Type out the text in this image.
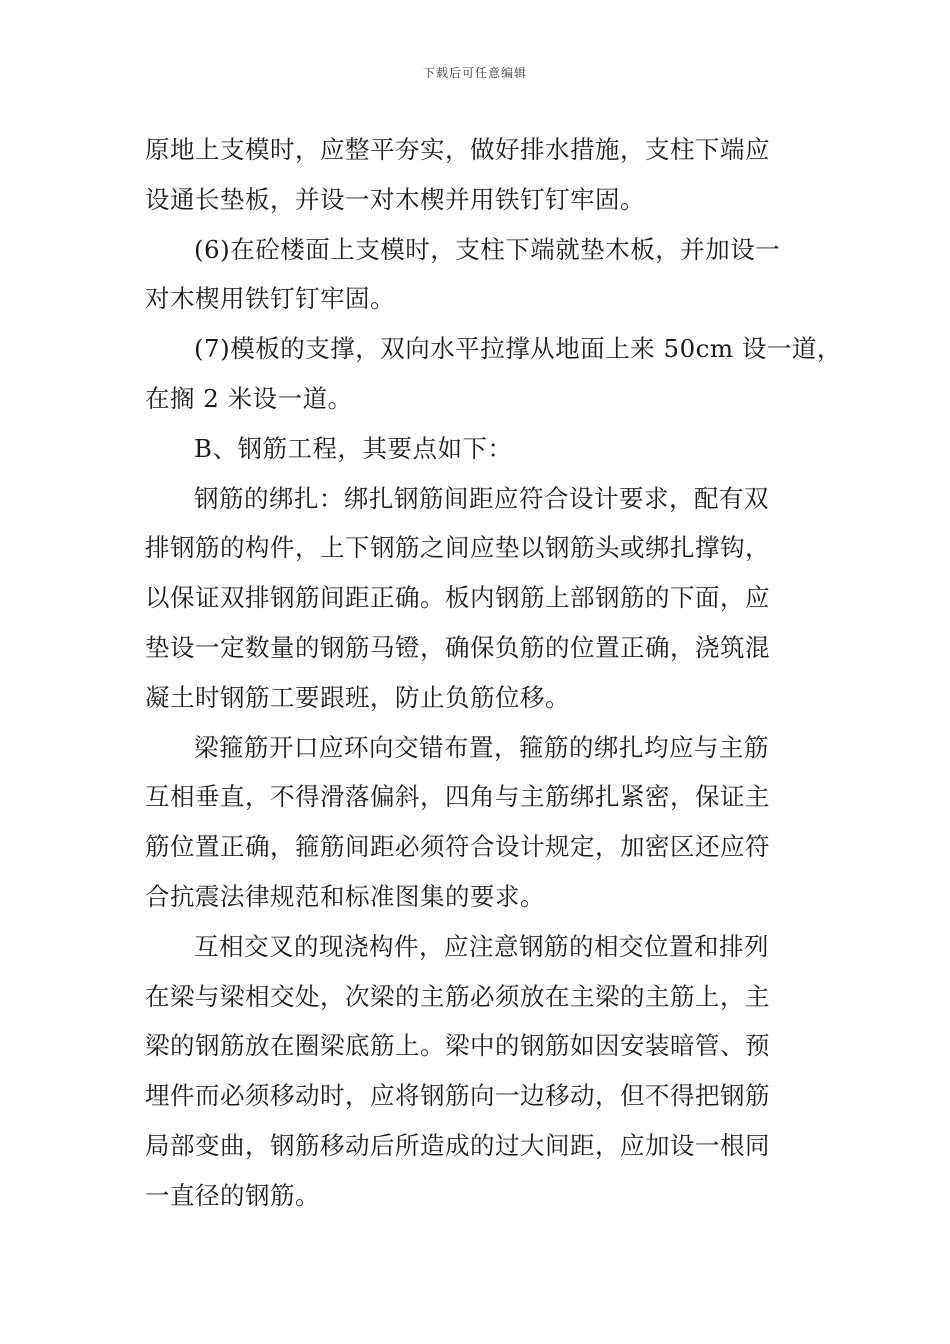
下载后可任意编辑
原地上支模时，应整平夯实，做好排水措施，支柱下端应
设通长垫板，并设一对木楔并用铁钉钉牢固。
(6)在砼楼面上支模时，支柱下端就垫木板，并加设一
对木楔用铁钉钉牢固。
(7)模板的支撑，双向水平拉撑从地面上来 50cm 设一道，
在搁 2 米设一道。
B、钢筋工程，其要点如下：
钢筋的绑扎：绑扎钢筋间距应符合设计要求，配有双
排钢筋的构件，上下钢筋之间应垫以钢筋头或绑扎撑钩，
以保证双排钢筋间距正确。板内钢筋上部钢筋的下面，应
垫设一定数量的钢筋马镫，确保负筋的位置正确，浇筑混
凝土时钢筋工要跟班，防止负筋位移。
梁箍筋开口应环向交错布置，箍筋的绑扎均应与主筋
互相垂直，不得滑落偏斜，四角与主筋绑扎紧密，保证主
筋位置正确，箍筋间距必须符合设计规定，加密区还应符
合抗震法律规范和标准图集的要求。
互相交叉的现浇构件，应注意钢筋的相交位置和排列
在梁与梁相交处，次梁的主筋必须放在主梁的主筋上，主
梁的钢筋放在圈梁底筋上。梁中的钢筋如因安装暗管、预
埋件而必须移动时，应将钢筋向一边移动，但不得把钢筋
局部变曲，钢筋移动后所造成的过大间距，应加设一根同
一直径的钢筋。
